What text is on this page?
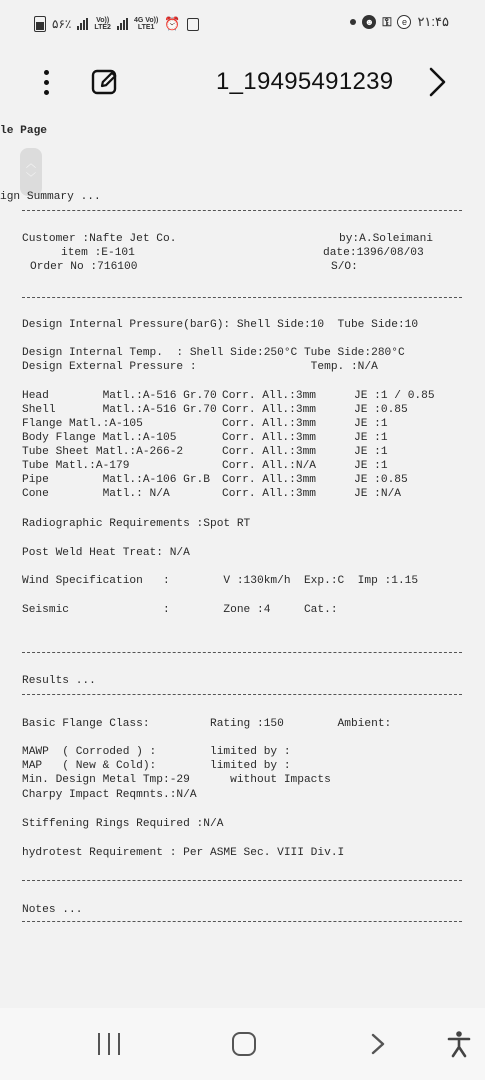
۵۶٪	Vo))
LTE2
4G Vo))
LTE1 ⏰	☻ ⚿	e ۲۱:۴۵
1_19495491239
le Page
︿
﹀
ign Summary ...
Customer :Nafte Jet Co.
item :E-101
Order No :716100
by:A.Soleimani
date:1396/08/03
S/O:
Design Internal Pressure(barG): Shell Side:10  Tube Side:10
Design Internal Temp.  : Shell Side:250°C Tube Side:280°C
Design External Pressure :                 Temp. :N/A
Head        Matl.:A-516 Gr.70 Corr. All.:3mm	JE :1 / 0.85
Shell       Matl.:A-516 Gr.70 Corr. All.:3mm	JE :0.85
Flange Matl.:A-105	Corr. All.:3mm	JE :1
Body Flange Matl.:A-105	Corr. All.:3mm	JE :1
Tube Sheet Matl.:A-266-2	Corr. All.:3mm	JE :1
Tube Matl.:A-179	Corr. All.:N/A	JE :1
Pipe        Matl.:A-106 Gr.B Corr. All.:3mm	JE :0.85
Cone        Matl.: N/A	Corr. All.:3mm	JE :N/A
Radiographic Requirements :Spot RT
Post Weld Heat Treat: N/A
Wind Specification   :        V :130km/h  Exp.:C  Imp :1.15
Seismic              :        Zone :4     Cat.:
Results ...
Basic Flange Class:         Rating :150        Ambient:
MAWP  ( Corroded ) :        limited by :
MAP   ( New & Cold):        limited by :
Min. Design Metal Tmp:-29      without Impacts
Charpy Impact Reqmnts.:N/A
Stiffening Rings Required :N/A
hydrotest Requirement : Per ASME Sec. VIII Div.I
Notes ...
